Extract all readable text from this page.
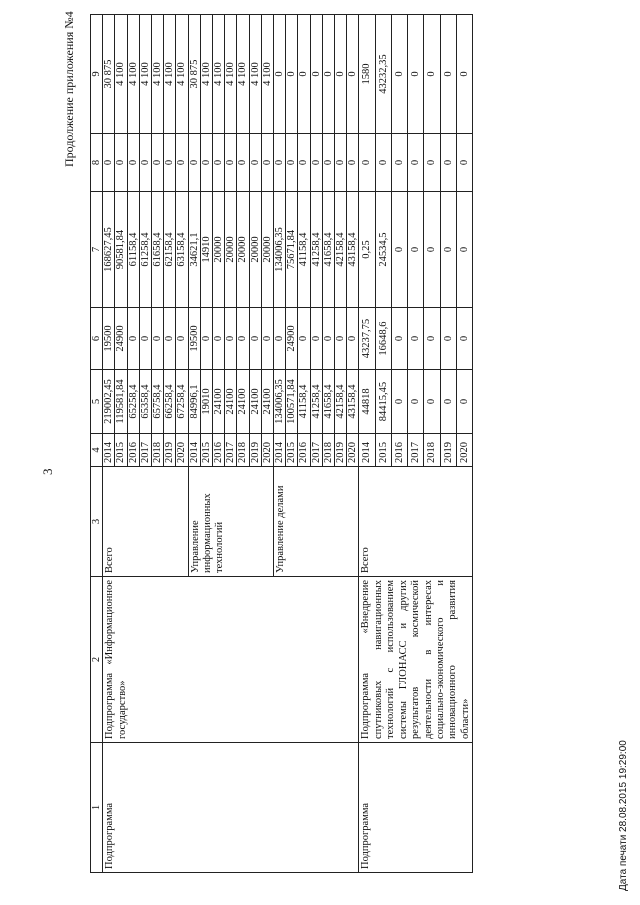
3
Продолжение приложения №4
1	2	3	4	5	6	7	8	9
Подпрограмма	Подпрограмма «Информационное государство»	Всего	2014	219002,45	19500	168627,45	0	30 875
			2015	119581,84	24900	90581,84	0	4 100
			2016	65258,4	0	61158,4	0	4 100
			2017	65358,4	0	61258,4	0	4 100
			2018	65758,4	0	61658,4	0	4 100
			2019	66258,4	0	62158,4	0	4 100
			2020	67258,4	0	63158,4	0	4 100
		Управление информационных технологий	2014	84996,1	19500	34621,1	0	30 875
			2015	19010	0	14910	0	4 100
			2016	24100	0	20000	0	4 100
			2017	24100	0	20000	0	4 100
			2018	24100	0	20000	0	4 100
			2019	24100	0	20000	0	4 100
			2020	24100	0	20000	0	4 100
		Управление делами	2014	134006,35	0	134006,35	0	0
			2015	100571,84	24900	75671,84	0	0
			2016	41158,4	0	41158,4	0	0
			2017	41258,4	0	41258,4	0	0
			2018	41658,4	0	41658,4	0	0
			2019	42158,4	0	42158,4	0	0
			2020	43158,4	0	43158,4	0	0
Подпрограмма	Подпрограмма «Внедрение спутниковых навигационных технологий с использованием системы ГЛОНАСС и других результатов космической деятельности в интересах социально-экономического и инновационного развития области»	Всего	2014	44818	43237,75	0,25	0	1580
			2015	84415,45	16648,6	24534,5	0	43232,35
			2016	0	0	0	0	0
			2017	0	0	0	0	0
			2018	0	0	0	0	0
			2019	0	0	0	0	0
			2020	0	0	0	0	0
Дата печати 28.08.2015 19:29:00
